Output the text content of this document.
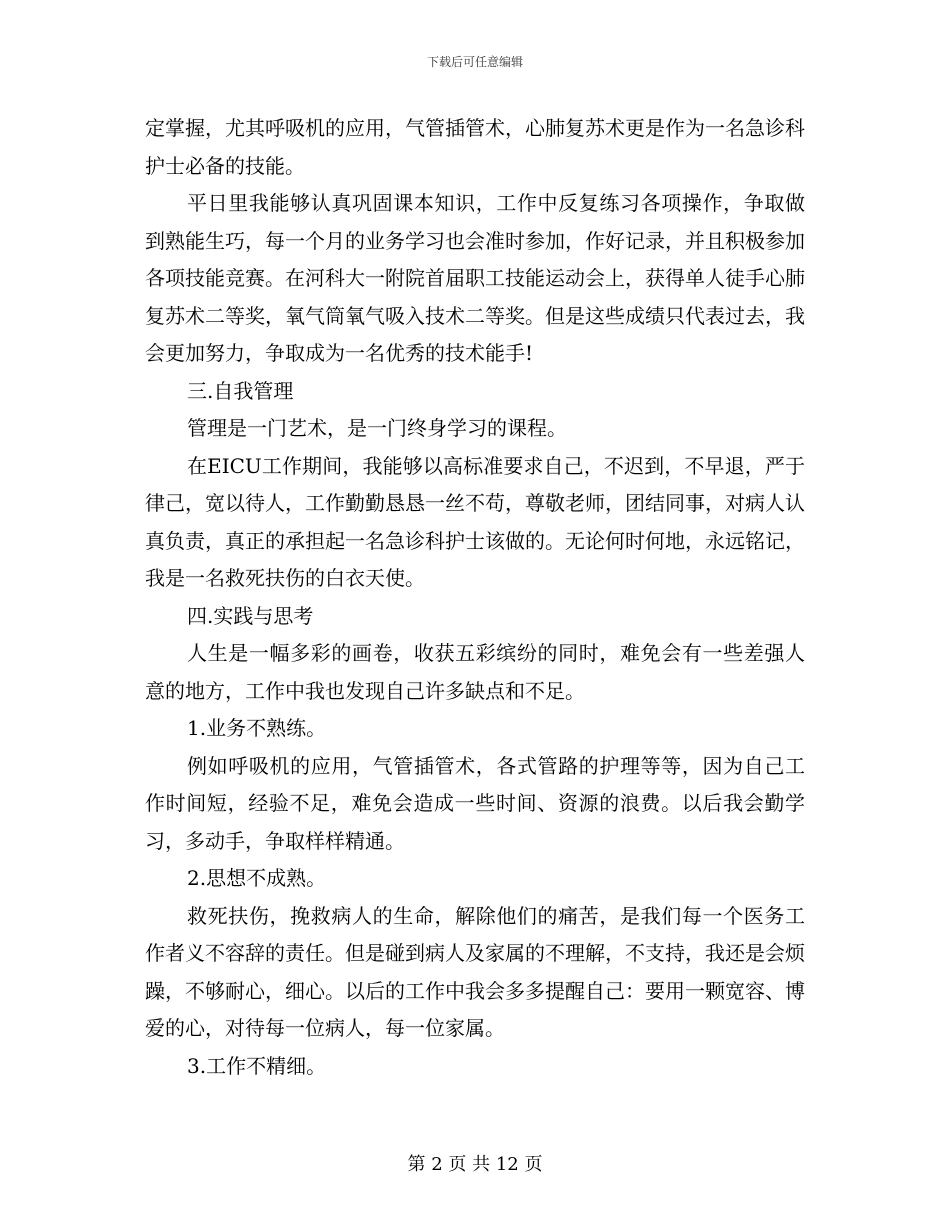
下载后可任意编辑

定掌握，尤其呼吸机的应用，气管插管术，心肺复苏术更是作为一名急诊科护士必备的技能。

平日里我能够认真巩固课本知识，工作中反复练习各项操作，争取做到熟能生巧，每一个月的业务学习也会准时参加，作好记录，并且积极参加各项技能竞赛。在河科大一附院首届职工技能运动会上，获得单人徒手心肺复苏术二等奖，氧气筒氧气吸入技术二等奖。但是这些成绩只代表过去，我会更加努力，争取成为一名优秀的技术能手!

三.自我管理

管理是一门艺术，是一门终身学习的课程。

在EICU工作期间，我能够以高标准要求自己，不迟到，不早退，严于律己，宽以待人，工作勤勤恳恳一丝不苟，尊敬老师，团结同事，对病人认真负责，真正的承担起一名急诊科护士该做的。无论何时何地，永远铭记，我是一名救死扶伤的白衣天使。

四.实践与思考

人生是一幅多彩的画卷，收获五彩缤纷的同时，难免会有一些差强人意的地方，工作中我也发现自己许多缺点和不足。

1.业务不熟练。

例如呼吸机的应用，气管插管术，各式管路的护理等等，因为自己工作时间短，经验不足，难免会造成一些时间、资源的浪费。以后我会勤学习，多动手，争取样样精通。

2.思想不成熟。

救死扶伤，挽救病人的生命，解除他们的痛苦，是我们每一个医务工作者义不容辞的责任。但是碰到病人及家属的不理解，不支持，我还是会烦躁，不够耐心，细心。以后的工作中我会多多提醒自己：要用一颗宽容、博爱的心，对待每一位病人，每一位家属。

3.工作不精细。

第 2 页 共 12 页
